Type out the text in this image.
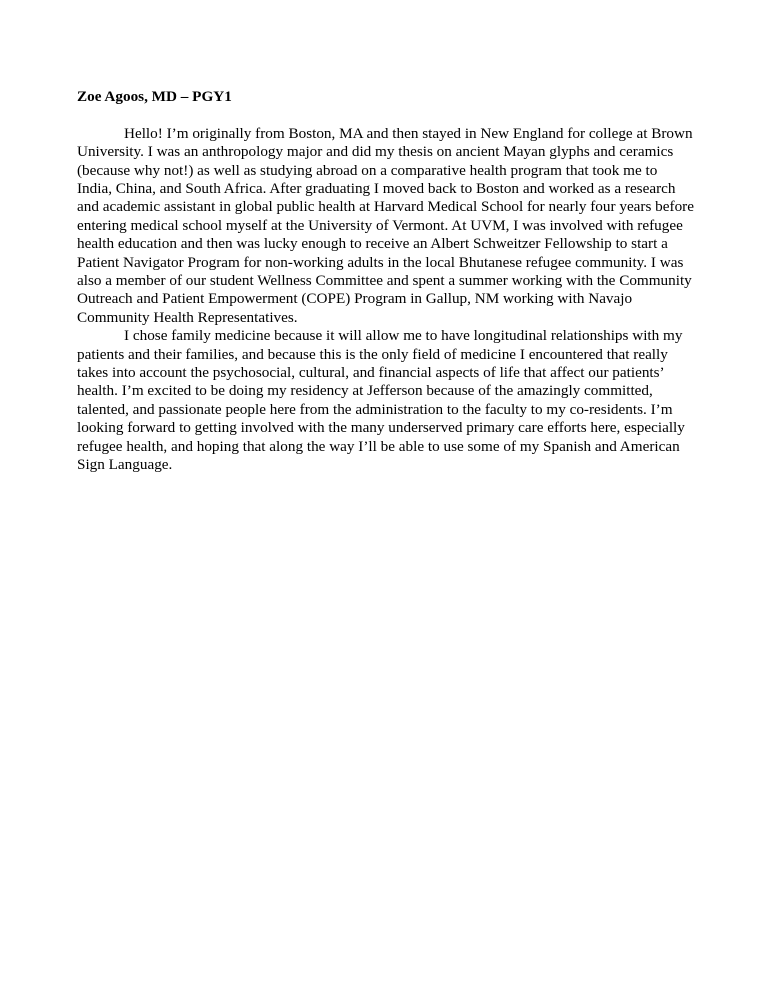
Zoe Agoos, MD – PGY1

Hello! I’m originally from Boston, MA and then stayed in New England for college at Brown University. I was an anthropology major and did my thesis on ancient Mayan glyphs and ceramics (because why not!) as well as studying abroad on a comparative health program that took me to India, China, and South Africa. After graduating I moved back to Boston and worked as a research and academic assistant in global public health at Harvard Medical School for nearly four years before entering medical school myself at the University of Vermont. At UVM, I was involved with refugee health education and then was lucky enough to receive an Albert Schweitzer Fellowship to start a Patient Navigator Program for non-working adults in the local Bhutanese refugee community. I was also a member of our student Wellness Committee and spent a summer working with the Community Outreach and Patient Empowerment (COPE) Program in Gallup, NM working with Navajo Community Health Representatives.

I chose family medicine because it will allow me to have longitudinal relationships with my patients and their families, and because this is the only field of medicine I encountered that really takes into account the psychosocial, cultural, and financial aspects of life that affect our patients’ health. I’m excited to be doing my residency at Jefferson because of the amazingly committed, talented, and passionate people here from the administration to the faculty to my co-residents. I’m looking forward to getting involved with the many underserved primary care efforts here, especially refugee health, and hoping that along the way I’ll be able to use some of my Spanish and American Sign Language.
